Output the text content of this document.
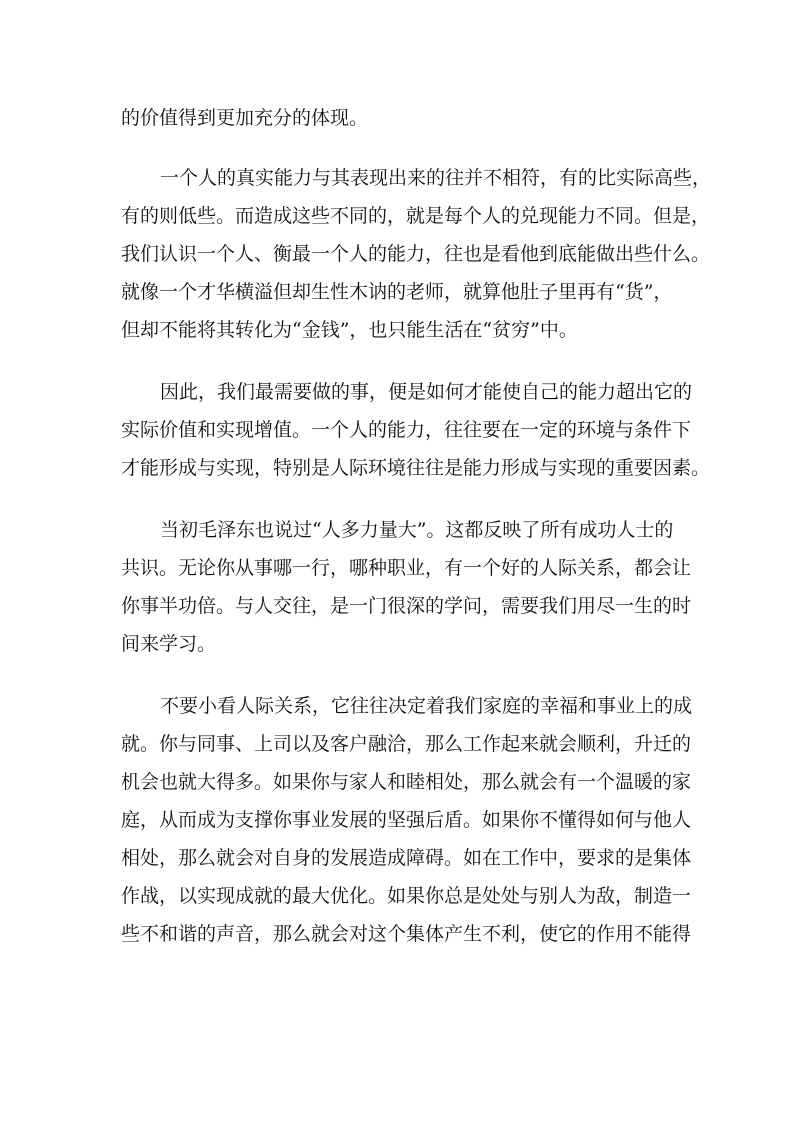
的价值得到更加充分的体现。
一个人的真实能力与其表现出来的往并不相符，有的比实际高些，
有的则低些。而造成这些不同的，就是每个人的兑现能力不同。但是，
我们认识一个人、衡最一个人的能力，往也是看他到底能做出些什么。
就像一个才华横溢但却生性木讷的老师，就算他肚子里再有“货”，
但却不能将其转化为“金钱”，也只能生活在“贫穷”中。
因此，我们最需要做的事，便是如何才能使自己的能力超出它的
实际价值和实现增值。一个人的能力，往往要在一定的环境与条件下
才能形成与实现，特别是人际环境往往是能力形成与实现的重要因素。
当初毛泽东也说过“人多力量大”。这都反映了所有成功人士的
共识。无论你从事哪一行，哪种职业，有一个好的人际关系，都会让
你事半功倍。与人交往，是一门很深的学问，需要我们用尽一生的时
间来学习。
不要小看人际关系，它往往决定着我们家庭的幸福和事业上的成
就。你与同事、上司以及客户融洽，那么工作起来就会顺利，升迁的
机会也就大得多。如果你与家人和睦相处，那么就会有一个温暖的家
庭，从而成为支撑你事业发展的坚强后盾。如果你不懂得如何与他人
相处，那么就会对自身的发展造成障碍。如在工作中，要求的是集体
作战，以实现成就的最大优化。如果你总是处处与别人为敌，制造一
些不和谐的声音，那么就会对这个集体产生不利，使它的作用不能得
